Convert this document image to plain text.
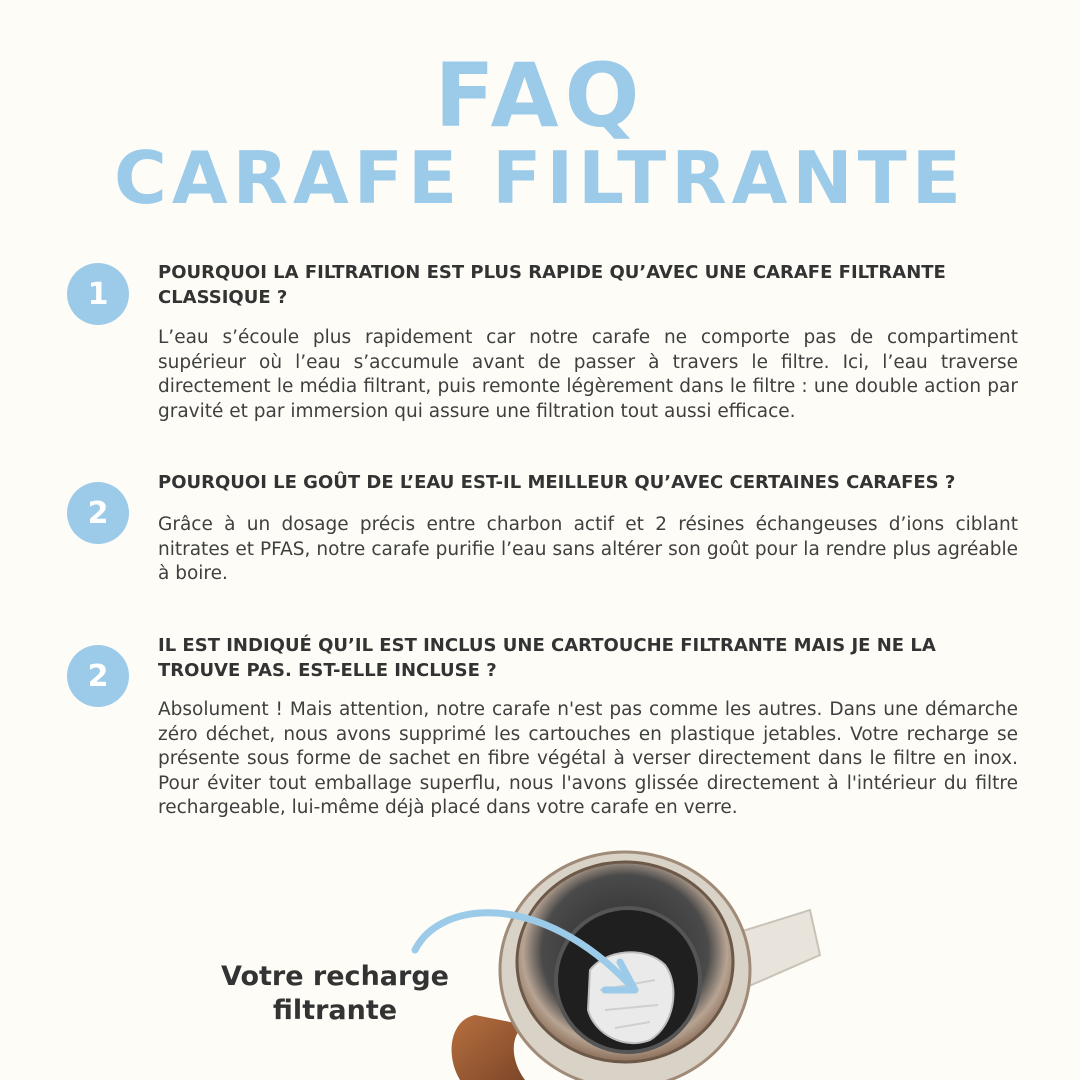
FAQ
CARAFE FILTRANTE
1

POURQUOI LA FILTRATION EST PLUS RAPIDE QU’AVEC UNE CARAFE FILTRANTE CLASSIQUE ?

L’eau s’écoule plus rapidement car notre carafe ne comporte pas de compartiment supérieur où l’eau s’accumule avant de passer à travers le filtre. Ici, l’eau traverse directement le média filtrant, puis remonte légèrement dans le filtre : une double action par gravité et par immersion qui assure une filtration tout aussi efficace.

2

POURQUOI LE GOÛT DE L’EAU EST-IL MEILLEUR QU’AVEC CERTAINES CARAFES ?

Grâce à un dosage précis entre charbon actif et 2 résines échangeuses d’ions ciblant nitrates et PFAS, notre carafe purifie l’eau sans altérer son goût pour la rendre plus agréable à boire.

2

IL EST INDIQUÉ QU’IL EST INCLUS UNE CARTOUCHE FILTRANTE MAIS JE NE LA TROUVE PAS. EST-ELLE INCLUSE ?

Absolument ! Mais attention, notre carafe n'est pas comme les autres. Dans une démarche zéro déchet, nous avons supprimé les cartouches en plastique jetables. Votre recharge se présente sous forme de sachet en fibre végétal à verser directement dans le filtre en inox. Pour éviter tout emballage superflu, nous l'avons glissée directement à l'intérieur du filtre rechargeable, lui-même déjà placé dans votre carafe en verre.

Votre recharge filtrante
